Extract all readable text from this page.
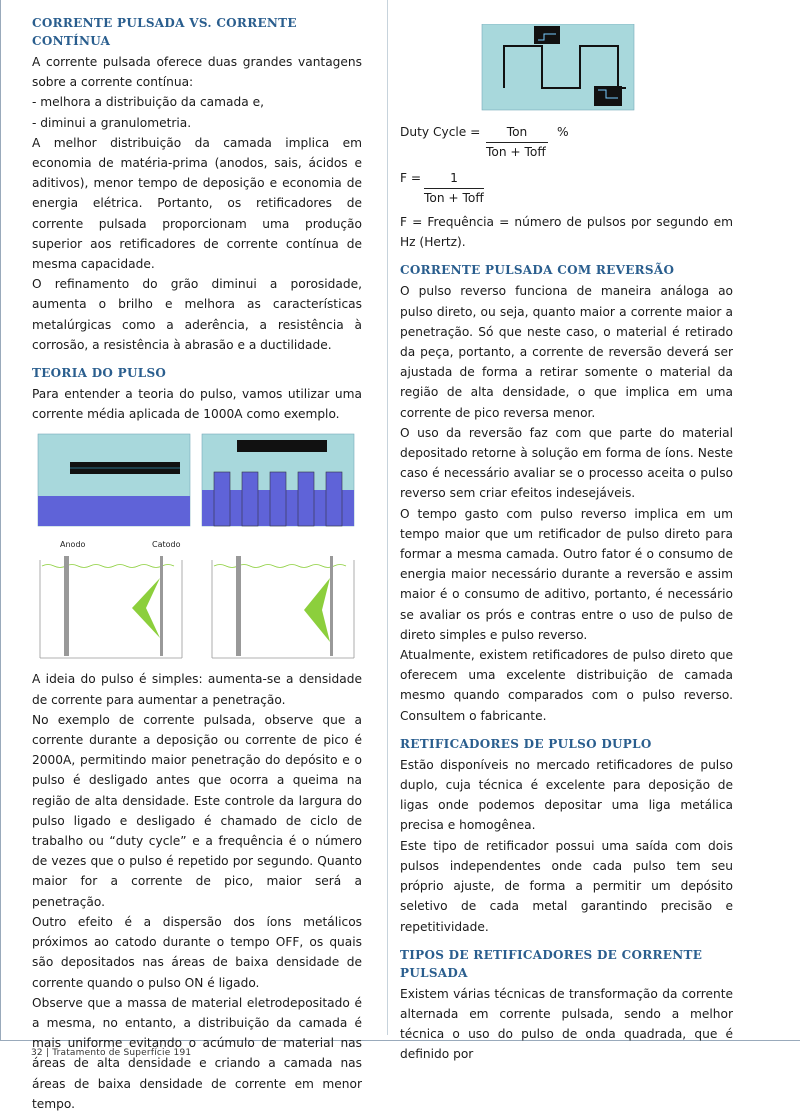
CORRENTE PULSADA VS. CORRENTE CONTÍNUA

A corrente pulsada oferece duas grandes vantagens sobre a corrente contínua:

- melhora a distribuição da camada e,

- diminui a granulometria.

A melhor distribuição da camada implica em economia de matéria-prima (anodos, sais, ácidos e aditivos), menor tempo de deposição e economia de energia elétrica. Portanto, os retificadores de corrente pulsada proporcionam uma produção superior aos retificadores de corrente contínua de mesma capacidade.

O refinamento do grão diminui a porosidade, aumenta o brilho e melhora as características metalúrgicas como a aderência, a resistência à corrosão, a resistência à abrasão e a ductilidade.

TEORIA DO PULSO

Para entender a teoria do pulso, vamos utilizar uma corrente média aplicada de 1000A como exemplo.

Anodo	Catodo

A ideia do pulso é simples: aumenta-se a densidade de corrente para aumentar a penetração.

No exemplo de corrente pulsada, observe que a corrente durante a deposição ou corrente de pico é 2000A, permitindo maior penetração do depósito e o pulso é desligado antes que ocorra a queima na região de alta densidade. Este controle da largura do pulso ligado e desligado é chamado de ciclo de trabalho ou “duty cycle” e a frequência é o número de vezes que o pulso é repetido por segundo. Quanto maior for a corrente de pico, maior será a penetração.

Outro efeito é a dispersão dos íons metálicos próximos ao catodo durante o tempo OFF, os quais são depositados nas áreas de baixa densidade de corrente quando o pulso ON é ligado.

Observe que a massa de material eletrodepositado é a mesma, no entanto, a distribuição da camada é mais uniforme evitando o acúmulo de material nas áreas de alta densidade e criando a camada nas áreas de baixa densidade de corrente em menor tempo.

Duty Cycle =	Ton	%
Ton + Toff
F =	1
Ton + Toff

F = Frequência = número de pulsos por segundo em Hz (Hertz).

CORRENTE PULSADA COM REVERSÃO

O pulso reverso funciona de maneira análoga ao pulso direto, ou seja, quanto maior a corrente maior a penetração. Só que neste caso, o material é retirado da peça, portanto, a corrente de reversão deverá ser ajustada de forma a retirar somente o material da região de alta densidade, o que implica em uma corrente de pico reversa menor.

O uso da reversão faz com que parte do material depositado retorne à solução em forma de íons. Neste caso é necessário avaliar se o processo aceita o pulso reverso sem criar efeitos indesejáveis.

O tempo gasto com pulso reverso implica em um tempo maior que um retificador de pulso direto para formar a mesma camada. Outro fator é o consumo de energia maior necessário durante a reversão e assim maior é o consumo de aditivo, portanto, é necessário se avaliar os prós e contras entre o uso de pulso de direto simples e pulso reverso.

Atualmente, existem retificadores de pulso direto que oferecem uma excelente distribuição de camada mesmo quando comparados com o pulso reverso. Consultem o fabricante.

RETIFICADORES DE PULSO DUPLO

Estão disponíveis no mercado retificadores de pulso duplo, cuja técnica é excelente para deposição de ligas onde podemos depositar uma liga metálica precisa e homogênea.

Este tipo de retificador possui uma saída com dois pulsos independentes onde cada pulso tem seu próprio ajuste, de forma a permitir um depósito seletivo de cada metal garantindo precisão e repetitividade.

TIPOS DE RETIFICADORES DE CORRENTE PULSADA

Existem várias técnicas de transformação da corrente alternada em corrente pulsada, sendo a melhor técnica o uso do pulso de onda quadrada, que é definido por

32 | Tratamento de Superfície 191
